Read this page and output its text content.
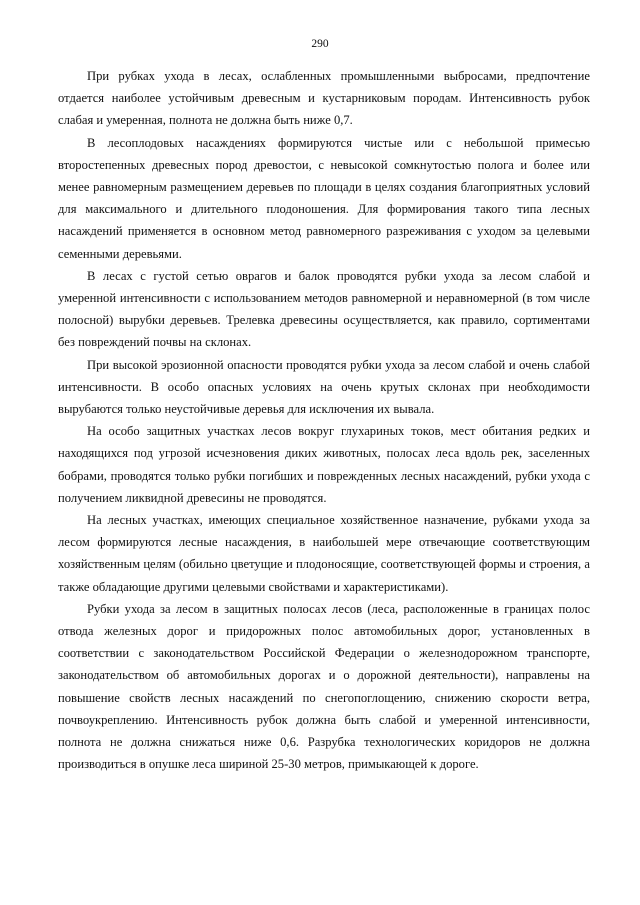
290

При рубках ухода в лесах, ослабленных промышленными выбросами, предпочтение отдается наиболее устойчивым древесным и кустарниковым породам. Интенсивность рубок слабая и умеренная, полнота не должна быть ниже 0,7.

В лесоплодовых насаждениях формируются чистые или с небольшой примесью второстепенных древесных пород древостои, с невысокой сомкнутостью полога и более или менее равномерным размещением деревьев по площади в целях создания благоприятных условий для максимального и длительного плодоношения. Для формирования такого типа лесных насаждений применяется в основном метод равномерного разреживания с уходом за целевыми семенными деревьями.

В лесах с густой сетью оврагов и балок проводятся рубки ухода за лесом слабой и умеренной интенсивности с использованием методов равномерной и неравномерной (в том числе полосной) вырубки деревьев. Трелевка древесины осуществляется, как правило, сортиментами без повреждений почвы на склонах.

При высокой эрозионной опасности проводятся рубки ухода за лесом слабой и очень слабой интенсивности. В особо опасных условиях на очень крутых склонах при необходимости вырубаются только неустойчивые деревья для исключения их вывала.

На особо защитных участках лесов вокруг глухариных токов, мест обитания редких и находящихся под угрозой исчезновения диких животных, полосах леса вдоль рек, заселенных бобрами, проводятся только рубки погибших и поврежденных лесных насаждений, рубки ухода с получением ликвидной древесины не проводятся.

На лесных участках, имеющих специальное хозяйственное назначение, рубками ухода за лесом формируются лесные насаждения, в наибольшей мере отвечающие соответствующим хозяйственным целям (обильно цветущие и плодоносящие, соответствующей формы и строения, а также обладающие другими целевыми свойствами и характеристиками).

Рубки ухода за лесом в защитных полосах лесов (леса, расположенные в границах полос отвода железных дорог и придорожных полос автомобильных дорог, установленных в соответствии с законодательством Российской Федерации о железнодорожном транспорте, законодательством об автомобильных дорогах и о дорожной деятельности), направлены на повышение свойств лесных насаждений по снегопоглощению, снижению скорости ветра, почвоукреплению. Интенсивность рубок должна быть слабой и умеренной интенсивности, полнота не должна снижаться ниже 0,6. Разрубка технологических коридоров не должна производиться в опушке леса шириной 25-30 метров, примыкающей к дороге.
